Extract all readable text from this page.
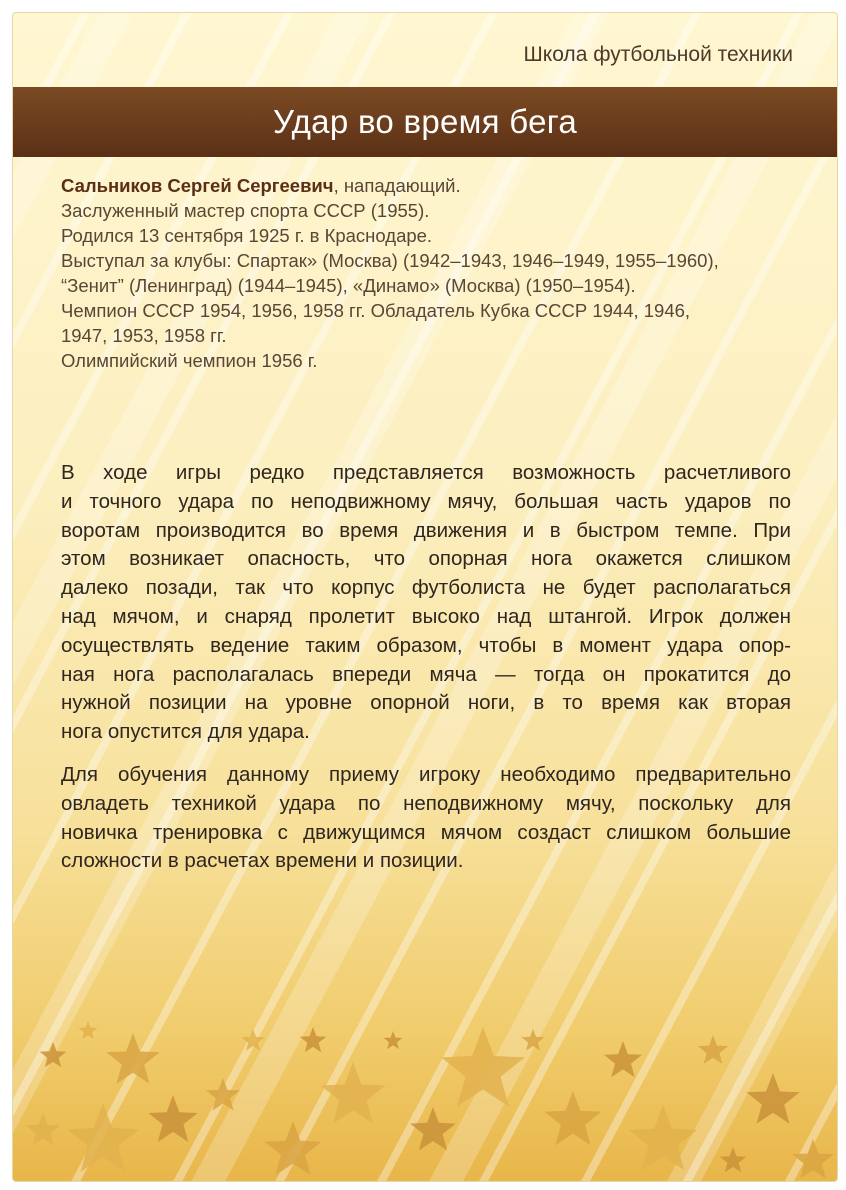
Школа футбольной техники
Удар во время бега
Сальников Сергей Сергеевич, нападающий.
Заслуженный мастер спорта СССР (1955).
Родился 13 сентября 1925 г. в Краснодаре.
Выступал за клубы: Спартак» (Москва) (1942–1943, 1946–1949, 1955–1960),
“Зенит” (Ленинград) (1944–1945), «Динамо» (Москва) (1950–1954).
Чемпион СССР 1954, 1956, 1958 гг. Обладатель Кубка СССР 1944, 1946,
1947, 1953, 1958 гг.
Олимпийский чемпион 1956 г.
В ходе игры редко представляется возможность расчетливого
и точного удара по неподвижному мячу, большая часть ударов по
воротам производится во время движения и в быстром темпе. При
этом возникает опасность, что опорная нога окажется слишком
далеко позади, так что корпус футболиста не будет располагаться
над мячом, и снаряд пролетит высоко над штангой. Игрок должен
осуществлять ведение таким образом, чтобы в момент удара опор-
ная нога располагалась впереди мяча — тогда он прокатится до
нужной позиции на уровне опорной ноги, в то время как вторая
нога опустится для удара.
Для обучения данному приему игроку необходимо предварительно
овладеть техникой удара по неподвижному мячу, поскольку для
новичка тренировка с движущимся мячом создаст слишком большие
сложности в расчетах времени и позиции.
